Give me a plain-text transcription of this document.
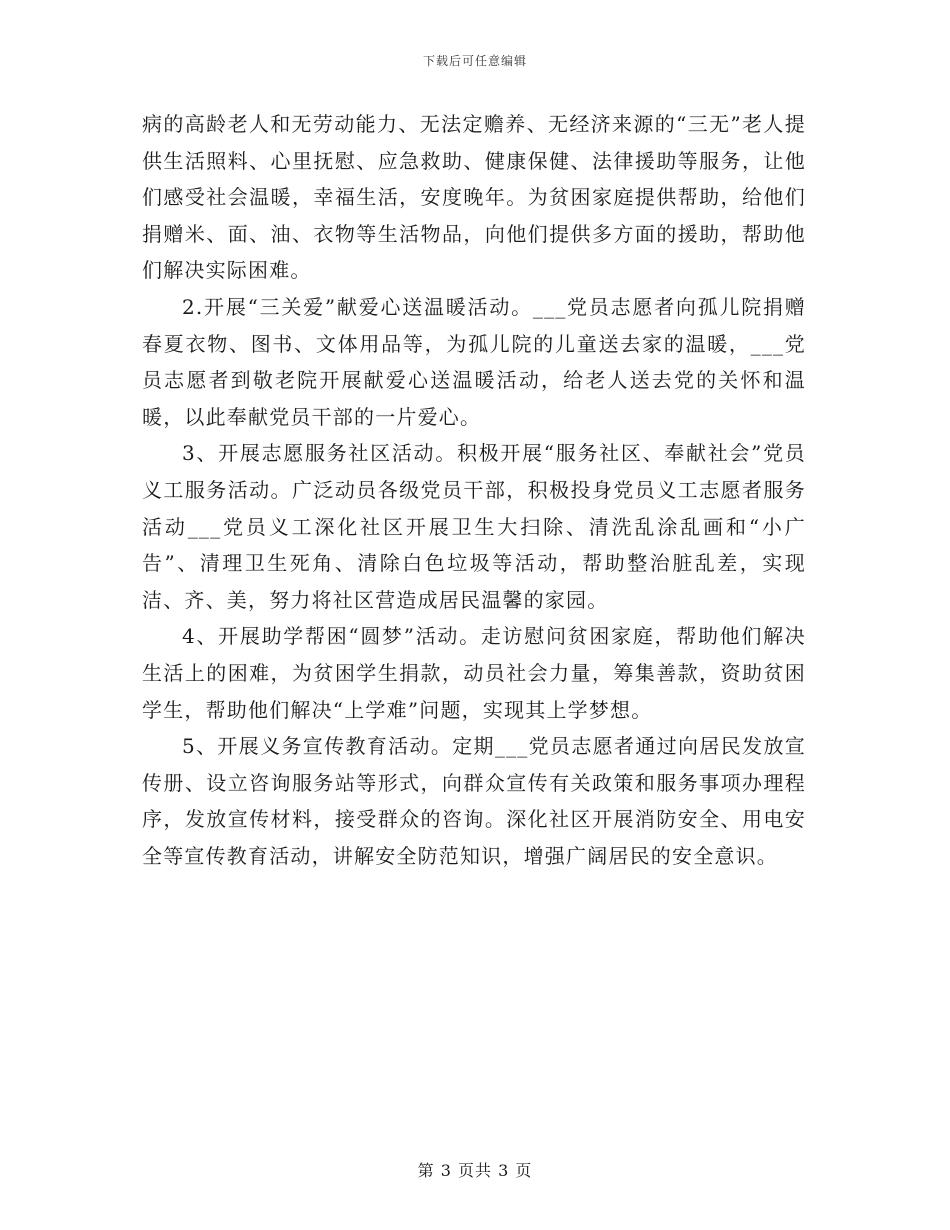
下载后可任意编辑

病的高龄老人和无劳动能力、无法定赡养、无经济来源的“三无”老人提供生活照料、心里抚慰、应急救助、健康保健、法律援助等服务，让他们感受社会温暖，幸福生活，安度晚年。为贫困家庭提供帮助，给他们捐赠米、面、油、衣物等生活物品，向他们提供多方面的援助，帮助他们解决实际困难。

2.开展“三关爱”献爱心送温暖活动。___党员志愿者向孤儿院捐赠春夏衣物、图书、文体用品等，为孤儿院的儿童送去家的温暖，___党员志愿者到敬老院开展献爱心送温暖活动，给老人送去党的关怀和温暖，以此奉献党员干部的一片爱心。

3、开展志愿服务社区活动。积极开展“服务社区、奉献社会”党员义工服务活动。广泛动员各级党员干部，积极投身党员义工志愿者服务活动___党员义工深化社区开展卫生大扫除、清洗乱涂乱画和“小广告”、清理卫生死角、清除白色垃圾等活动，帮助整治脏乱差，实现洁、齐、美，努力将社区营造成居民温馨的家园。

4、开展助学帮困“圆梦”活动。走访慰问贫困家庭，帮助他们解决生活上的困难，为贫困学生捐款，动员社会力量，筹集善款，资助贫困学生，帮助他们解决“上学难”问题，实现其上学梦想。

5、开展义务宣传教育活动。定期___党员志愿者通过向居民发放宣传册、设立咨询服务站等形式，向群众宣传有关政策和服务事项办理程序，发放宣传材料，接受群众的咨询。深化社区开展消防安全、用电安全等宣传教育活动，讲解安全防范知识，增强广阔居民的安全意识。

第 3 页共 3 页
